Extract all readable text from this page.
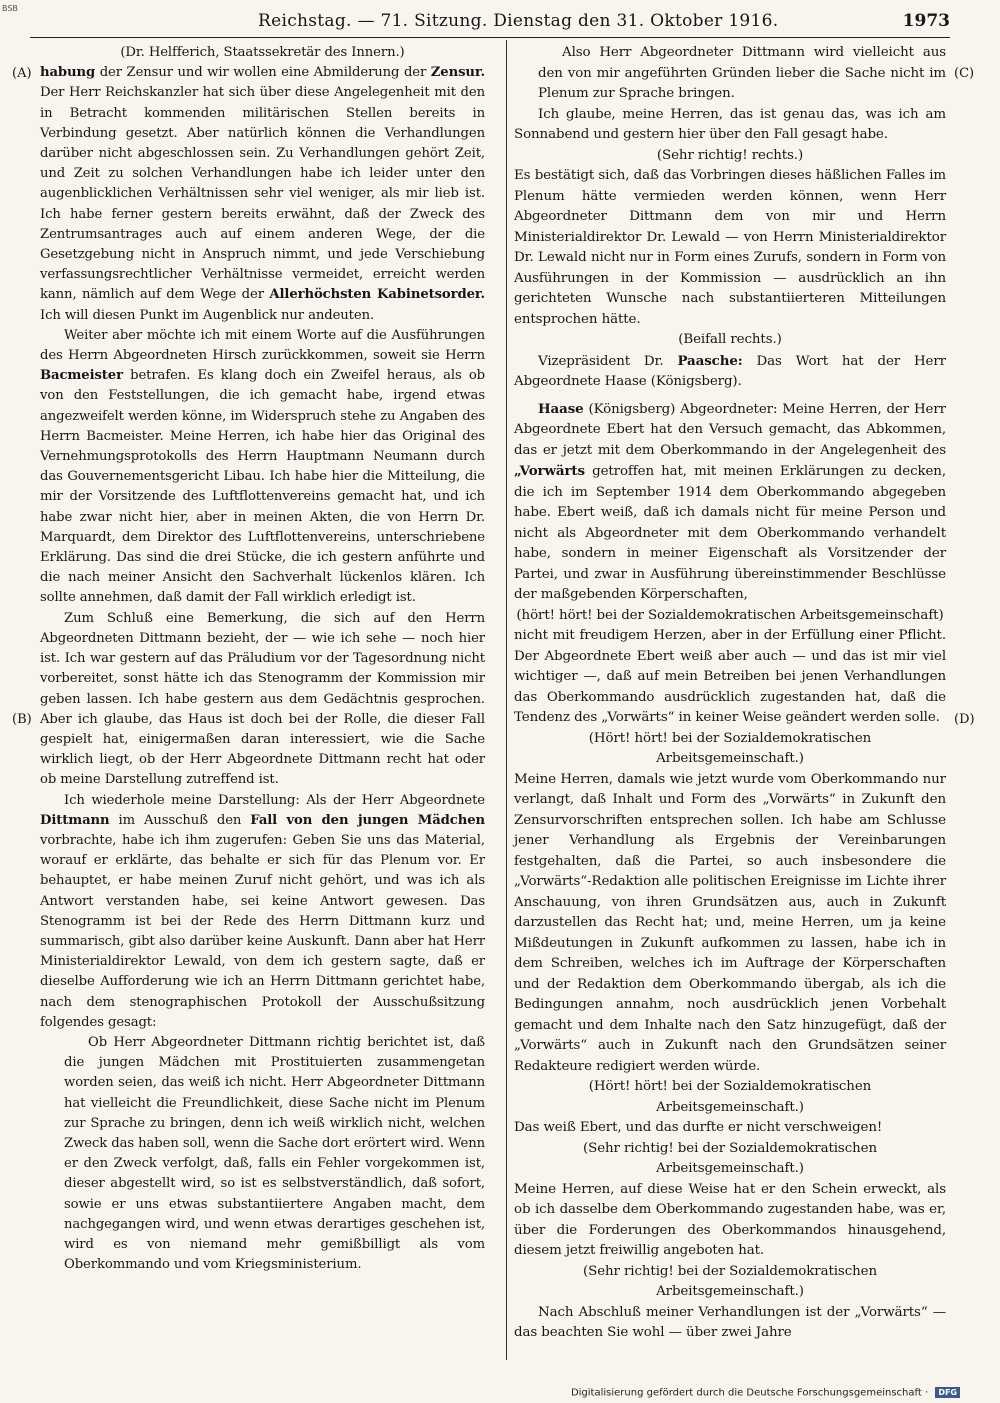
BSB
Reichstag. — 71. Sitzung. Dienstag den 31. Oktober 1916.	1973
(A)
(B)
(C)
(D)

(Dr. Helfferich, Staatssekretär des Innern.)

habung der Zensur und wir wollen eine Abmilderung der Zensur. Der Herr Reichskanzler hat sich über diese Angelegenheit mit den in Betracht kommenden militärischen Stellen bereits in Verbindung gesetzt. Aber natürlich können die Verhandlungen darüber nicht abgeschlossen sein. Zu Verhandlungen gehört Zeit, und Zeit zu solchen Verhandlungen habe ich leider unter den augenblicklichen Verhältnissen sehr viel weniger, als mir lieb ist. Ich habe ferner gestern bereits erwähnt, daß der Zweck des Zentrumsantrages auch auf einem anderen Wege, der die Gesetzgebung nicht in Anspruch nimmt, und jede Verschiebung verfassungsrechtlicher Verhältnisse vermeidet, erreicht werden kann, nämlich auf dem Wege der Allerhöchsten Kabinetsorder. Ich will diesen Punkt im Augenblick nur andeuten.

Weiter aber möchte ich mit einem Worte auf die Ausführungen des Herrn Abgeordneten Hirsch zurückkommen, soweit sie Herrn Bacmeister betrafen. Es klang doch ein Zweifel heraus, als ob von den Feststellungen, die ich gemacht habe, irgend etwas angezweifelt werden könne, im Widerspruch stehe zu Angaben des Herrn Bacmeister. Meine Herren, ich habe hier das Original des Vernehmungsprotokolls des Herrn Hauptmann Neumann durch das Gouvernementsgericht Libau. Ich habe hier die Mitteilung, die mir der Vorsitzende des Luftflottenvereins gemacht hat, und ich habe zwar nicht hier, aber in meinen Akten, die von Herrn Dr. Marquardt, dem Direktor des Luftflottenvereins, unterschriebene Erklärung. Das sind die drei Stücke, die ich gestern anführte und die nach meiner Ansicht den Sachverhalt lückenlos klären. Ich sollte annehmen, daß damit der Fall wirklich erledigt ist.

Zum Schluß eine Bemerkung, die sich auf den Herrn Abgeordneten Dittmann bezieht, der — wie ich sehe — noch hier ist. Ich war gestern auf das Präludium vor der Tagesordnung nicht vorbereitet, sonst hätte ich das Stenogramm der Kommission mir geben lassen. Ich habe gestern aus dem Gedächtnis gesprochen. Aber ich glaube, das Haus ist doch bei der Rolle, die dieser Fall gespielt hat, einigermaßen daran interessiert, wie die Sache wirklich liegt, ob der Herr Abgeordnete Dittmann recht hat oder ob meine Darstellung zutreffend ist.

Ich wiederhole meine Darstellung: Als der Herr Abgeordnete Dittmann im Ausschuß den Fall von den jungen Mädchen vorbrachte, habe ich ihm zugerufen: Geben Sie uns das Material, worauf er erklärte, das behalte er sich für das Plenum vor. Er behauptet, er habe meinen Zuruf nicht gehört, und was ich als Antwort verstanden habe, sei keine Antwort gewesen. Das Stenogramm ist bei der Rede des Herrn Dittmann kurz und summarisch, gibt also darüber keine Auskunft. Dann aber hat Herr Ministerialdirektor Lewald, von dem ich gestern sagte, daß er dieselbe Aufforderung wie ich an Herrn Dittmann gerichtet habe, nach dem stenographischen Protokoll der Ausschußsitzung folgendes gesagt:

Ob Herr Abgeordneter Dittmann richtig berichtet ist, daß die jungen Mädchen mit Prostituierten zusammengetan worden seien, das weiß ich nicht. Herr Abgeordneter Dittmann hat vielleicht die Freundlichkeit, diese Sache nicht im Plenum zur Sprache zu bringen, denn ich weiß wirklich nicht, welchen Zweck das haben soll, wenn die Sache dort erörtert wird. Wenn er den Zweck verfolgt, daß, falls ein Fehler vorgekommen ist, dieser abgestellt wird, so ist es selbstverständlich, daß sofort, sowie er uns etwas substantiiertere Angaben macht, dem nachgegangen wird, und wenn etwas derartiges geschehen ist, wird es von niemand mehr gemißbilligt als vom Oberkommando und vom Kriegsministerium.

Also Herr Abgeordneter Dittmann wird vielleicht aus den von mir angeführten Gründen lieber die Sache nicht im Plenum zur Sprache bringen.

Ich glaube, meine Herren, das ist genau das, was ich am Sonnabend und gestern hier über den Fall gesagt habe.

(Sehr richtig! rechts.)

Es bestätigt sich, daß das Vorbringen dieses häßlichen Falles im Plenum hätte vermieden werden können, wenn Herr Abgeordneter Dittmann dem von mir und Herrn Ministerialdirektor Dr. Lewald — von Herrn Ministerialdirektor Dr. Lewald nicht nur in Form eines Zurufs, sondern in Form von Ausführungen in der Kommission — ausdrücklich an ihn gerichteten Wunsche nach substantiierteren Mitteilungen entsprochen hätte.

(Beifall rechts.)

Vizepräsident Dr. Paasche: Das Wort hat der Herr Abgeordnete Haase (Königsberg).

Haase (Königsberg) Abgeordneter: Meine Herren, der Herr Abgeordnete Ebert hat den Versuch gemacht, das Abkommen, das er jetzt mit dem Oberkommando in der Angelegenheit des „Vorwärts getroffen hat, mit meinen Erklärungen zu decken, die ich im September 1914 dem Oberkommando abgegeben habe. Ebert weiß, daß ich damals nicht für meine Person und nicht als Abgeordneter mit dem Oberkommando verhandelt habe, sondern in meiner Eigenschaft als Vorsitzender der Partei, und zwar in Ausführung übereinstimmender Beschlüsse der maßgebenden Körperschaften,

(hört! hört! bei der Sozialdemokratischen Arbeitsgemeinschaft)

nicht mit freudigem Herzen, aber in der Erfüllung einer Pflicht. Der Abgeordnete Ebert weiß aber auch — und das ist mir viel wichtiger —, daß auf mein Betreiben bei jenen Verhandlungen das Oberkommando ausdrücklich zugestanden hat, daß die Tendenz des „Vorwärts“ in keiner Weise geändert werden solle.

(Hört! hört! bei der Sozialdemokratischen Arbeitsgemeinschaft.)

Meine Herren, damals wie jetzt wurde vom Oberkommando nur verlangt, daß Inhalt und Form des „Vorwärts“ in Zukunft den Zensurvorschriften entsprechen sollen. Ich habe am Schlusse jener Verhandlung als Ergebnis der Vereinbarungen festgehalten, daß die Partei, so auch insbesondere die „Vorwärts“-Redaktion alle politischen Ereignisse im Lichte ihrer Anschauung, von ihren Grundsätzen aus, auch in Zukunft darzustellen das Recht hat; und, meine Herren, um ja keine Mißdeutungen in Zukunft aufkommen zu lassen, habe ich in dem Schreiben, welches ich im Auftrage der Körperschaften und der Redaktion dem Oberkommando übergab, als ich die Bedingungen annahm, noch ausdrücklich jenen Vorbehalt gemacht und dem Inhalte nach den Satz hinzugefügt, daß der „Vorwärts“ auch in Zukunft nach den Grundsätzen seiner Redakteure redigiert werden würde.

(Hört! hört! bei der Sozialdemokratischen Arbeitsgemeinschaft.)

Das weiß Ebert, und das durfte er nicht verschweigen!

(Sehr richtig! bei der Sozialdemokratischen Arbeitsgemeinschaft.)

Meine Herren, auf diese Weise hat er den Schein erweckt, als ob ich dasselbe dem Oberkommando zugestanden habe, was er, über die Forderungen des Oberkommandos hinausgehend, diesem jetzt freiwillig angeboten hat.

(Sehr richtig! bei der Sozialdemokratischen Arbeitsgemeinschaft.)

Nach Abschluß meiner Verhandlungen ist der „Vorwärts“ — das beachten Sie wohl — über zwei Jahre

Digitalisierung gefördert durch die Deutsche Forschungsgemeinschaft · DFG
